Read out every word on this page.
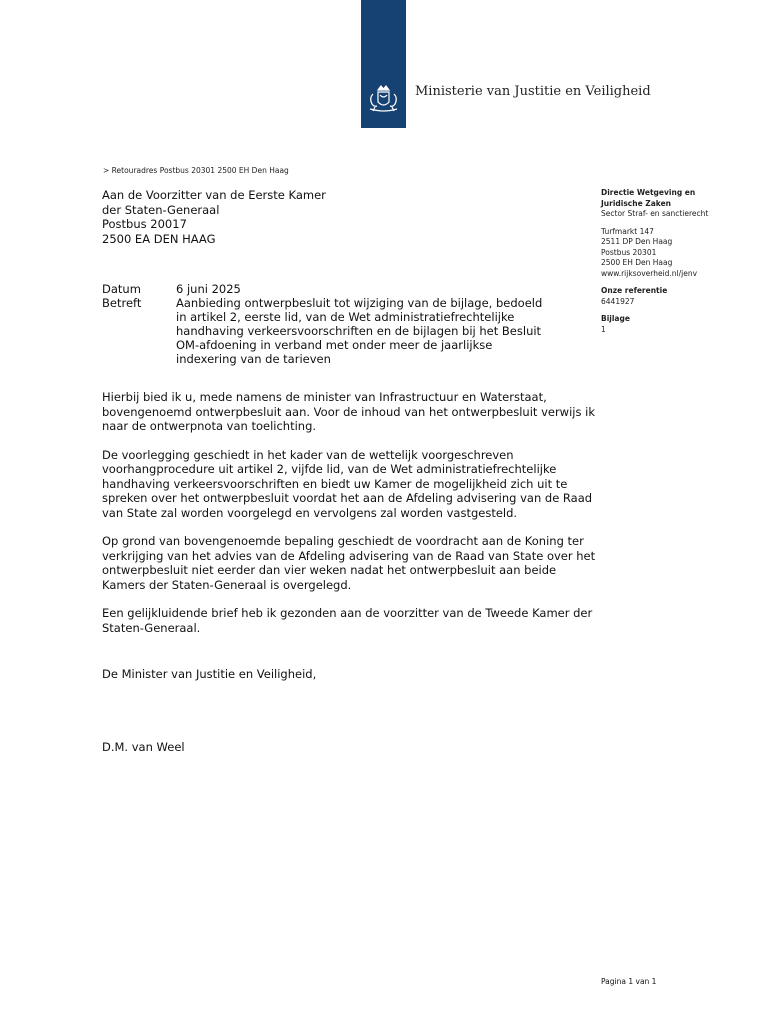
Ministerie van Justitie en Veiligheid
> Retouradres Postbus 20301 2500 EH Den Haag
Aan de Voorzitter van de Eerste Kamer
der Staten-Generaal
Postbus 20017
2500 EA DEN HAAG
Datum	6 juni 2025
Betreft	Aanbieding ontwerpbesluit tot wijziging van de bijlage, bedoeld in artikel 2, eerste lid, van de Wet administratiefrechtelijke handhaving verkeersvoorschriften en de bijlagen bij het Besluit OM-afdoening in verband met onder meer de jaarlijkse indexering van de tarieven

Hierbij bied ik u, mede namens de minister van Infrastructuur en Waterstaat, bovengenoemd ontwerpbesluit aan. Voor de inhoud van het ontwerpbesluit verwijs ik naar de ontwerpnota van toelichting.

De voorlegging geschiedt in het kader van de wettelijk voorgeschreven voorhangprocedure uit artikel 2, vijfde lid, van de Wet administratiefrechtelijke handhaving verkeersvoorschriften en biedt uw Kamer de mogelijkheid zich uit te spreken over het ontwerpbesluit voordat het aan de Afdeling advisering van de Raad van State zal worden voorgelegd en vervolgens zal worden vastgesteld.

Op grond van bovengenoemde bepaling geschiedt de voordracht aan de Koning ter verkrijging van het advies van de Afdeling advisering van de Raad van State over het ontwerpbesluit niet eerder dan vier weken nadat het ontwerpbesluit aan beide Kamers der Staten-Generaal is overgelegd.

Een gelijkluidende brief heb ik gezonden aan de voorzitter van de Tweede Kamer der Staten-Generaal.

De Minister van Justitie en Veiligheid,
D.M. van Weel
Directie Wetgeving en
Juridische Zaken
Sector Straf- en sanctierecht
Turfmarkt 147
2511 DP Den Haag
Postbus 20301
2500 EH Den Haag
www.rijksoverheid.nl/jenv
Onze referentie
6441927
Bijlage
1
Pagina 1 van 1
